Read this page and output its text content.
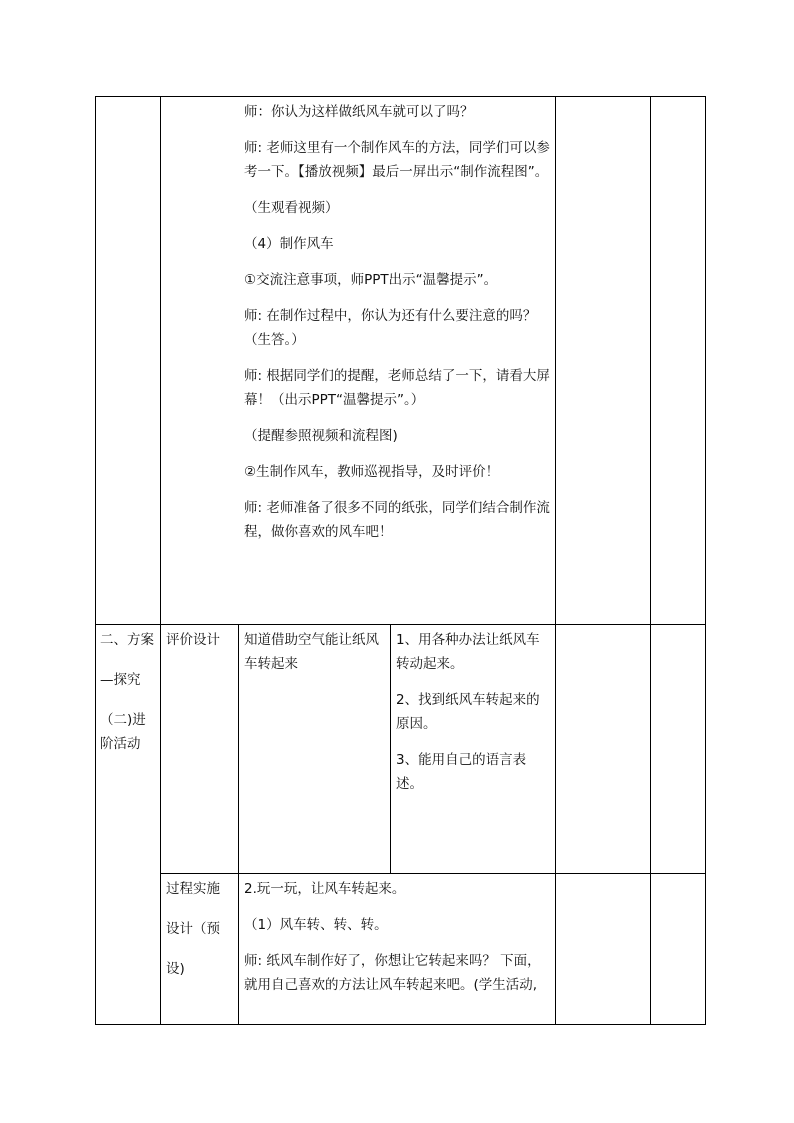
师：你认为这样做纸风车就可以了吗？

师: 老师这里有一个制作风车的方法，同学们可以参考一下。【播放视频】最后一屏出示“制作流程图”。

（生观看视频）

（4）制作风车

①交流注意事项，师PPT出示“温馨提示”。

师: 在制作过程中，你认为还有什么要注意的吗？（生答。）

师: 根据同学们的提醒，老师总结了一下，请看大屏幕！（出示PPT“温馨提示”。）

（提醒参照视频和流程图)

②生制作风车，教师巡视指导，及时评价！

师: 老师准备了很多不同的纸张，同学们结合制作流程，做你喜欢的风车吧！

二、方案

—探究

（二)进

阶活动

评价设计	知道借助空气能让纸风车转起来

1、用各种办法让纸风车转动起来。

2、找到纸风车转起来的原因。

3、能用自己的语言表述。

过程实施

设计（预

设)

2.玩一玩，让风车转起来。

（1）风车转、转、转。

师: 纸风车制作好了，你想让它转起来吗？ 下面，就用自己喜欢的方法让风车转起来吧。(学生活动,
